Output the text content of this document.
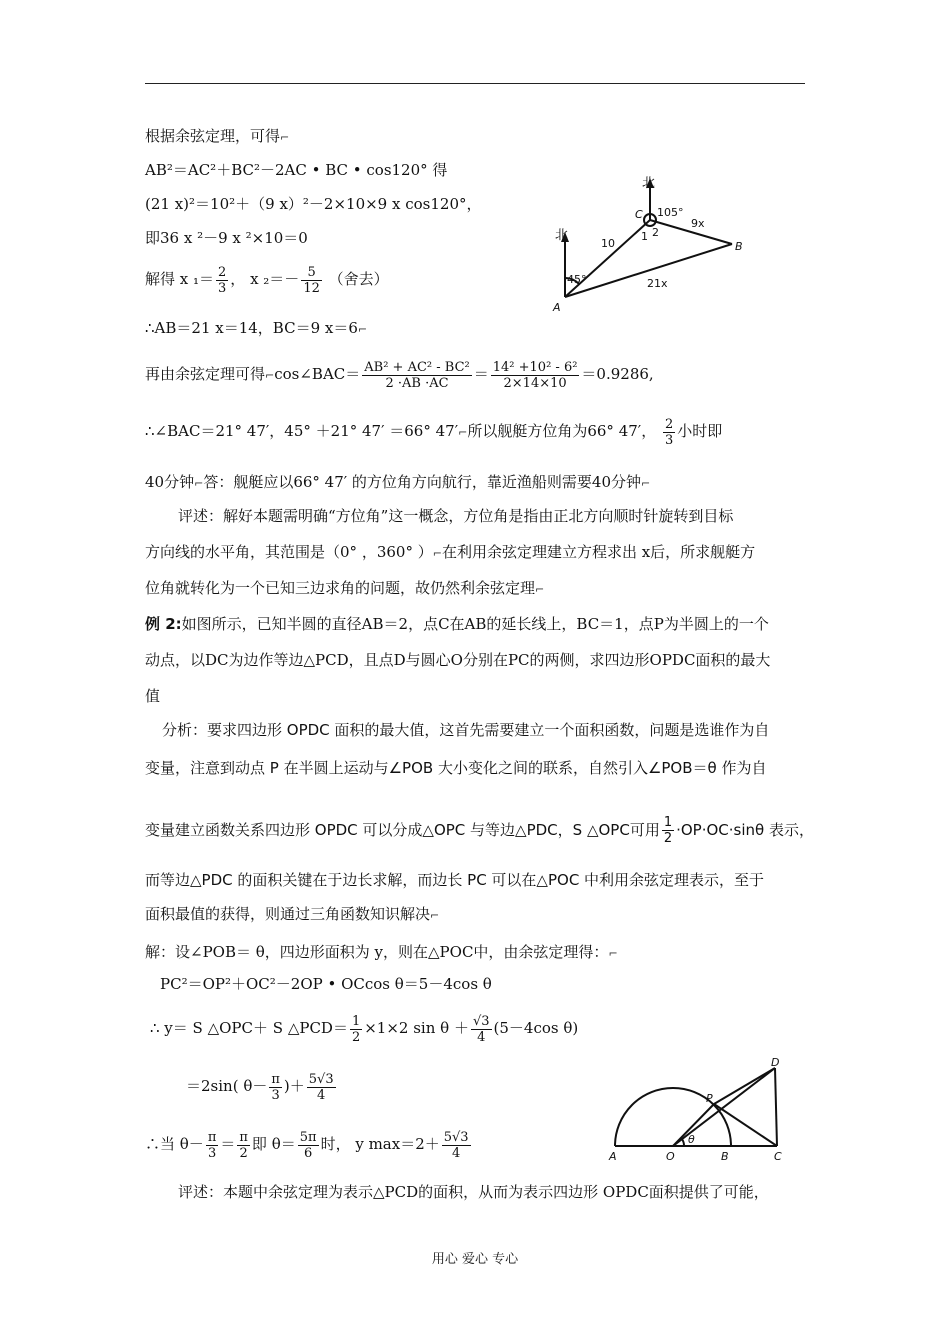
根据余弦定理，可得⌐
AB²＝AC²＋BC²－2AC • BC • cos120° 得
(21 x)²＝10²＋（9 x）²－2×10×9 x cos120°，
即36 x ²－9 x ²×10＝0
解得 x $_1= \frac{2}{3}$ ， x $_2=- \frac{5}{12}$ （舍去）
∴AB＝21 x＝14，BC＝9 x＝6⌐
再由余弦定理可得⌐cos∠BAC＝ $\frac{\text{AB² + AC² - BC²}}{2 \cdot AB \cdot AC} = \frac{\text{14² +10² - 6²}}{2\times 14\times 10} =0.9286$,
∴∠BAC＝21° 47′，45° ＋21° 47′ ＝66° 47′⌐所以舰艇方位角为66° 47′， $\frac{2}{3}$ 小时即
40分钟⌐答：舰艇应以66° 47′ 的方位角方向航行，靠近渔船则需要40分钟⌐
评述：解好本题需明确“方位角”这一概念，方位角是指由正北方向顺时针旋转到目标
方向线的水平角，其范围是（0° ，360° ）⌐在利用余弦定理建立方程求出 x后，所求舰艇方
位角就转化为一个已知三边求角的问题，故仍然利余弦定理⌐
例 2:如图所示，已知半圆的直径AB＝2，点C在AB的延长线上，BC＝1，点P为半圆上的一个
动点，以DC为边作等边△PCD，且点D与圆心O分别在PC的两侧，求四边形OPDC面积的最大
值
分析：要求四边形 OPDC 面积的最大值，这首先需要建立一个面积函数，问题是选谁作为自
变量，注意到动点 P 在半圆上运动与∠POB 大小变化之间的联系，自然引入∠POB＝θ 作为自
变量建立函数关系四边形 OPDC 可以分成△OPC 与等边△PDC，S △OPC可用 $\frac{1}{2} \cdot OP\cdot OC\cdot\sin\theta$ 表示，
而等边△PDC 的面积关键在于边长求解，而边长 PC 可以在△POC 中利用余弦定理表示，至于
面积最值的获得，则通过三角函数知识解决⌐
解：设∠POB＝ θ，四边形面积为 y，则在△POC中，由余弦定理得：⌐
PC²＝OP²＋OC²－2OP • OCcos θ＝5－4cos θ
∴ y＝ S △OPC＋ S △PCD＝ $\frac{1}{2} \times 1\times 2$ $\sin \theta + \frac{√3}{4} (5-4\cos$ θ)
＝2sin( $\theta- \frac{\pi}{3}$ )＋ $\frac{5√3}{4}$
∴当 $\theta- \frac{\pi}{3} = \frac{\pi}{2}$ 即 $\theta= \frac{5\pi}{6}$ 时， y $\max=2+ \frac{5√3}{4}$
评述：本题中余弦定理为表示△PCD的面积，从而为表示四边形 OPDC面积提供了可能，
北
北
C
B
A
105°
9x
10
21x
45°
1 2
A	O	B	C
P
D
θ
用心 爱心 专心
